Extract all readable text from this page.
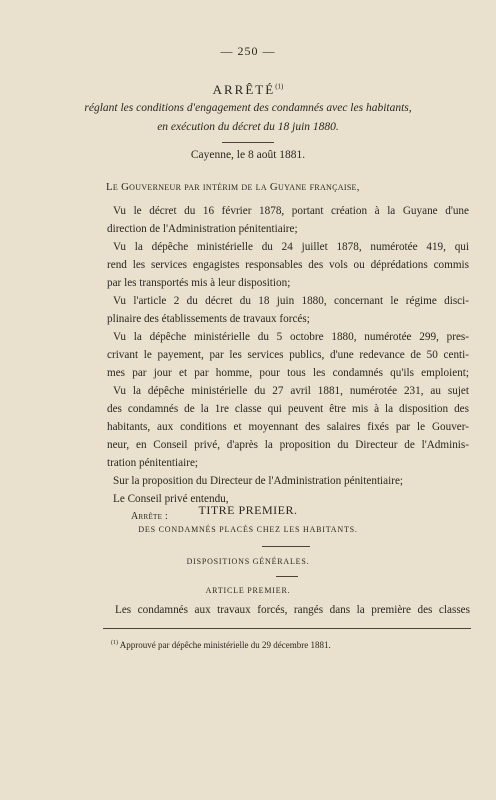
— 250 —
ARRÊTÉ$^{(1)}$
réglant les conditions d'engagement des condamnés avec les habitants,
en exécution du décret du 18 juin 1880.
Cayenne, le 8 août 1881.
Le Gouverneur par intérim de la Guyane française,
Vu le décret du 16 février 1878, portant création à la Guyane d'une
direction de l'Administration pénitentiaire;
Vu la dépêche ministérielle du 24 juillet 1878, numérotée 419, qui
rend les services engagistes responsables des vols ou déprédations commis
par les transportés mis à leur disposition;
Vu l'article 2 du décret du 18 juin 1880, concernant le régime disci-
plinaire des établissements de travaux forcés;
Vu la dépêche ministérielle du 5 octobre 1880, numérotée 299, pres-
crivant le payement, par les services publics, d'une redevance de 50 centi-
mes par jour et par homme, pour tous les condamnés qu'ils emploient;
Vu la dépêche ministérielle du 27 avril 1881, numérotée 231, au sujet
des condamnés de la 1re classe qui peuvent être mis à la disposition des
habitants, aux conditions et moyennant des salaires fixés par le Gouver-
neur, en Conseil privé, d'après la proposition du Directeur de l'Adminis-
tration pénitentiaire;
Sur la proposition du Directeur de l'Administration pénitentiaire;
Le Conseil privé entendu,
Arrête :	TITRE PREMIER.
DES CONDAMNÉS PLACÉS CHEZ LES HABITANTS.
DISPOSITIONS GÉNÉRALES.
ARTICLE PREMIER.
Les condamnés aux travaux forcés, rangés dans la première des classes
$^{(1)}$ Approuvé par dépêche ministérielle du 29 décembre 1881.
